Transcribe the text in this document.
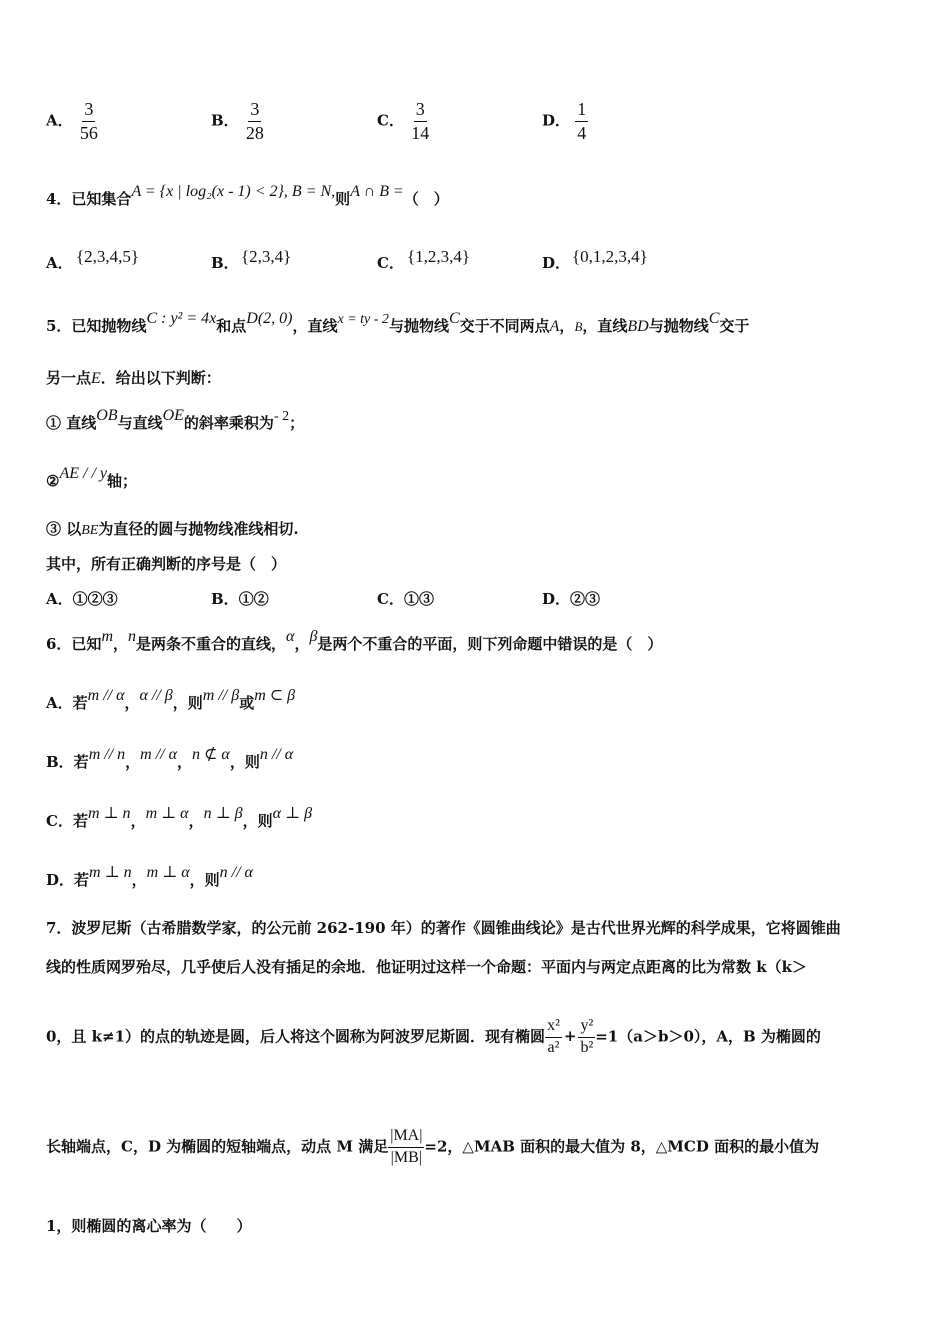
A． $\frac{3}{56}$	B． $\frac{3}{28}$	C． $\frac{3}{14}$	D． $\frac{1}{4}$
4．已知集合A = {x | log₂(x - 1) < 2}, B = N,则A ∩ B =（　）
A． {2,3,4,5}	B． {2,3,4}	C． {1,2,3,4}	D． {0,1,2,3,4}
5．已知抛物线C : y² = 4x和点D(2, 0)，直线x = ty - 2与抛物线C交于不同两点A，B，直线BD与抛物线C交于
另一点E．给出以下判断：
① 直线OB与直线OE的斜率乘积为- 2；
②AE / / y轴；
③ 以BE为直径的圆与抛物线准线相切.
其中，所有正确判断的序号是（　）
A．①②③	B．①②	C．①③	D．②③
6．已知m，n是两条不重合的直线，α，β是两个不重合的平面，则下列命题中错误的是（　）
A．若m // α，α // β，则m // β或m ⊂ β
B．若m // n，m // α，n ⊄ α，则n // α
C．若m ⊥ n，m ⊥ α，n ⊥ β，则α ⊥ β
D．若m ⊥ n，m ⊥ α，则n // α
7．波罗尼斯（古希腊数学家，的公元前 262-190 年）的著作《圆锥曲线论》是古代世界光辉的科学成果，它将圆锥曲
线的性质网罗殆尽，几乎使后人没有插足的余地．他证明过这样一个命题：平面内与两定点距离的比为常数 k（k＞
0，且 k≠1）的点的轨迹是圆，后人将这个圆称为阿波罗尼斯圆．现有椭圆 $\frac{\text{x²}}{\text{a²}} + \frac{\text{y²}}{\text{b²}} =1(a>b>0)$，A，B 为椭圆的
长轴端点，C，D 为椭圆的短轴端点，动点 M 满足 $\frac{|MA|}{|MB|} =2$，△MAB 面积的最大值为 8，△MCD 面积的最小值为
1，则椭圆的离心率为（　　）
